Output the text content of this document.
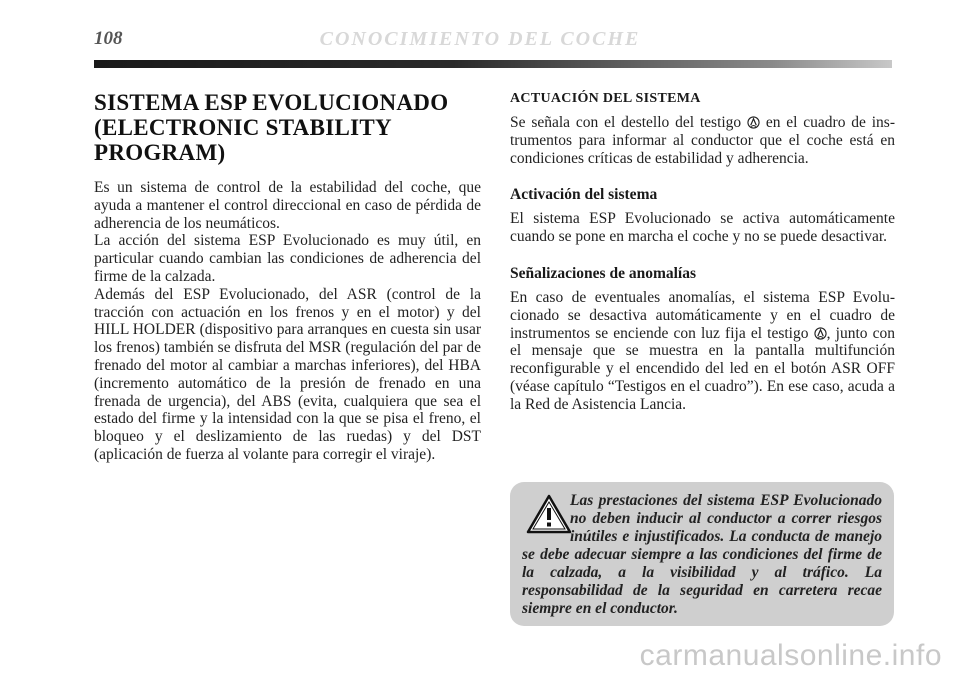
108	CONOCIMIENTO DEL COCHE
SISTEMA ESP EVOLUCIONADO (ELECTRONIC STABILITY PROGRAM)

Es un sistema de control de la estabilidad del coche, que ayuda a mantener el control direccional en caso de pérdida de adherencia de los neumáticos.

La acción del sistema ESP Evolucionado es muy útil, en particular cuando cambian las condiciones de adherencia del firme de la calzada.

Además del ESP Evolucionado, del ASR (control de la tracción con actuación en los frenos y en el motor) y del HILL HOLDER (dispositivo para arranques en cuesta sin usar los frenos) también se disfruta del MSR (regulación del par de frenado del motor al cambiar a marchas inferiores), del HBA (incremento automático de la presión de frenado en una frenada de urgencia), del ABS (evita, cualquiera que sea el estado del firme y la intensidad con la que se pisa el freno, el bloqueo y el deslizamiento de las ruedas) y del DST (aplicación de fuerza al volante para corregir el viraje).

ACTUACIÓN DEL SISTEMA

Se señala con el destello del testigo en el cuadro de instrumentos para informar al conductor que el coche está en condiciones críticas de estabilidad y adherencia.

Activación del sistema

El sistema ESP Evolucionado se activa automáticamente cuando se pone en marcha el coche y no se puede desactivar.

Señalizaciones de anomalías

En caso de eventuales anomalías, el sistema ESP Evolucionado se desactiva automáticamente y en el cuadro de instrumentos se enciende con luz fija el testigo , junto con el mensaje que se muestra en la pantalla multifunción reconfigurable y el encendido del led en el botón ASR OFF (véase capítulo “Testigos en el cuadro”). En ese caso, acuda a la Red de Asistencia Lancia.

Las prestaciones del sistema ESP Evolucionado no deben inducir al conductor a correr riesgos inútiles e injustificados. La conducta de manejo se debe adecuar siempre a las condiciones del firme de la calzada, a la visibilidad y al tráfico. La responsabilidad de la seguridad en carretera recae siempre en el conductor.

carmanualsonline.info
